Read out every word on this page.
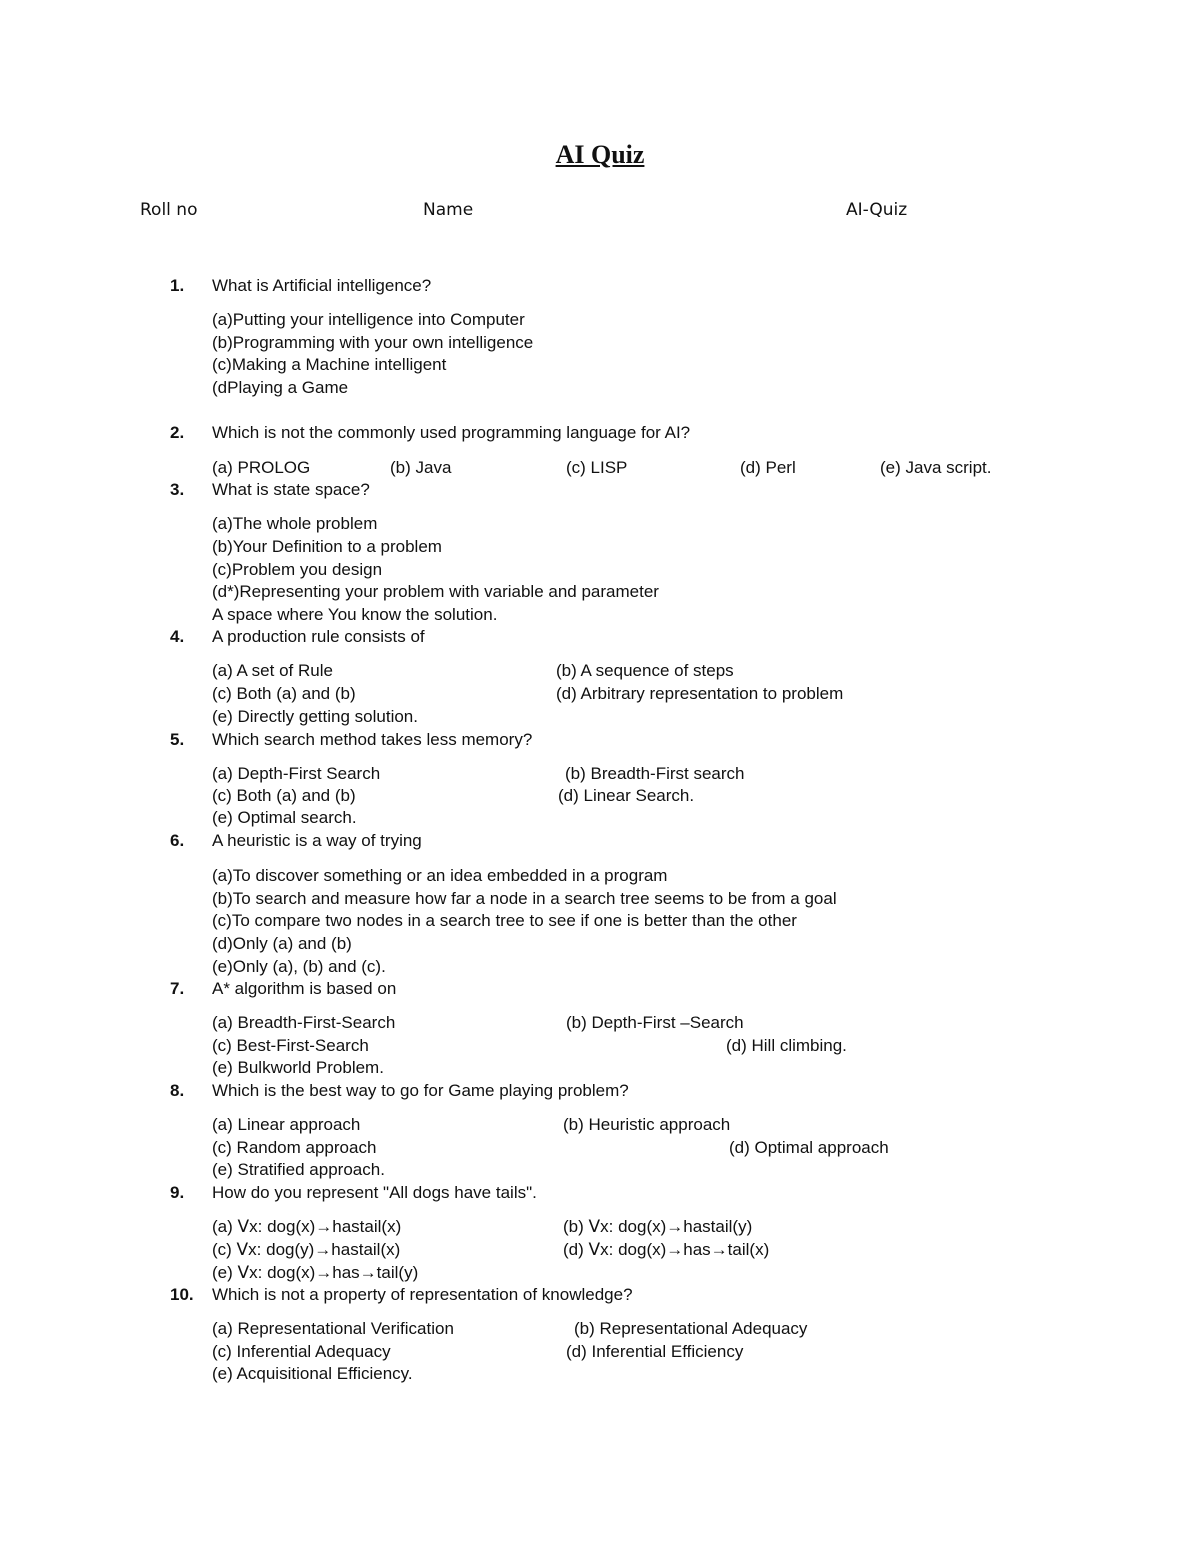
AI Quiz
Roll no	Name	AI-Quiz
1. What is Artificial intelligence?
(a)Putting your intelligence into Computer
(b)Programming with your own intelligence
(c)Making a Machine intelligent
(dPlaying a Game
2. Which is not the commonly used programming language for AI?
(a) PROLOG	(b) Java	(c) LISP	(d) Perl	(e) Java script.
3. What is state space?
(a)The whole problem
(b)Your Definition to a problem
(c)Problem you design
(d*)Representing your problem with variable and parameter
A space where You know the solution.
4. A production rule consists of
(a) A set of Rule	(b) A sequence of steps
(c) Both (a) and (b)	(d) Arbitrary representation to problem
(e) Directly getting solution.
5. Which search method takes less memory?
(a) Depth-First Search	(b) Breadth-First search
(c) Both (a) and (b)	(d) Linear Search.
(e) Optimal search.
6. A heuristic is a way of trying
(a)To discover something or an idea embedded in a program
(b)To search and measure how far a node in a search tree seems to be from a goal
(c)To compare two nodes in a search tree to see if one is better than the other
(d)Only (a) and (b)
(e)Only (a), (b) and (c).
7. A* algorithm is based on
(a) Breadth-First-Search	(b) Depth-First –Search
(c) Best-First-Search	(d) Hill climbing.
(e) Bulkworld Problem.
8. Which is the best way to go for Game playing problem?
(a) Linear approach	(b) Heuristic approach
(c) Random approach	(d) Optimal approach
(e) Stratified approach.
9. How do you represent "All dogs have tails".
(a) ᐯx: dog(x)→hastail(x)	(b) ᐯx: dog(x)→hastail(y)
(c) ᐯx: dog(y)→hastail(x)	(d) ᐯx: dog(x)→has→tail(x)
(e) ᐯx: dog(x)→has→tail(y)
10. Which is not a property of representation of knowledge?
(a) Representational Verification	(b) Representational Adequacy
(c) Inferential Adequacy	(d) Inferential Efficiency
(e) Acquisitional Efficiency.
